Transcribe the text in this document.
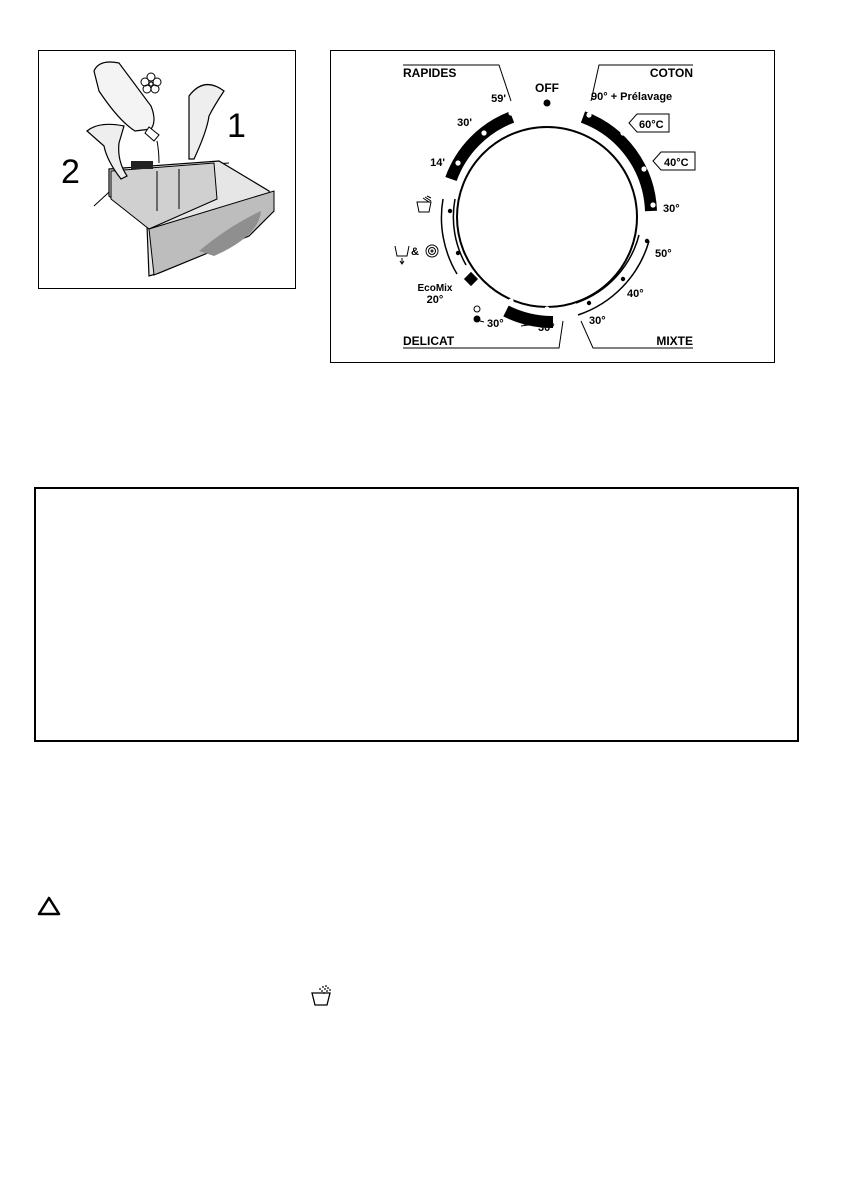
1
2
RAPIDES	COTON
DELICAT	MIXTE
OFF
59'
30'
14'
90° + Prélavage
60°C
40°C
30°
50°
40°
30°
30°	30°
EcoMix
20°
&
